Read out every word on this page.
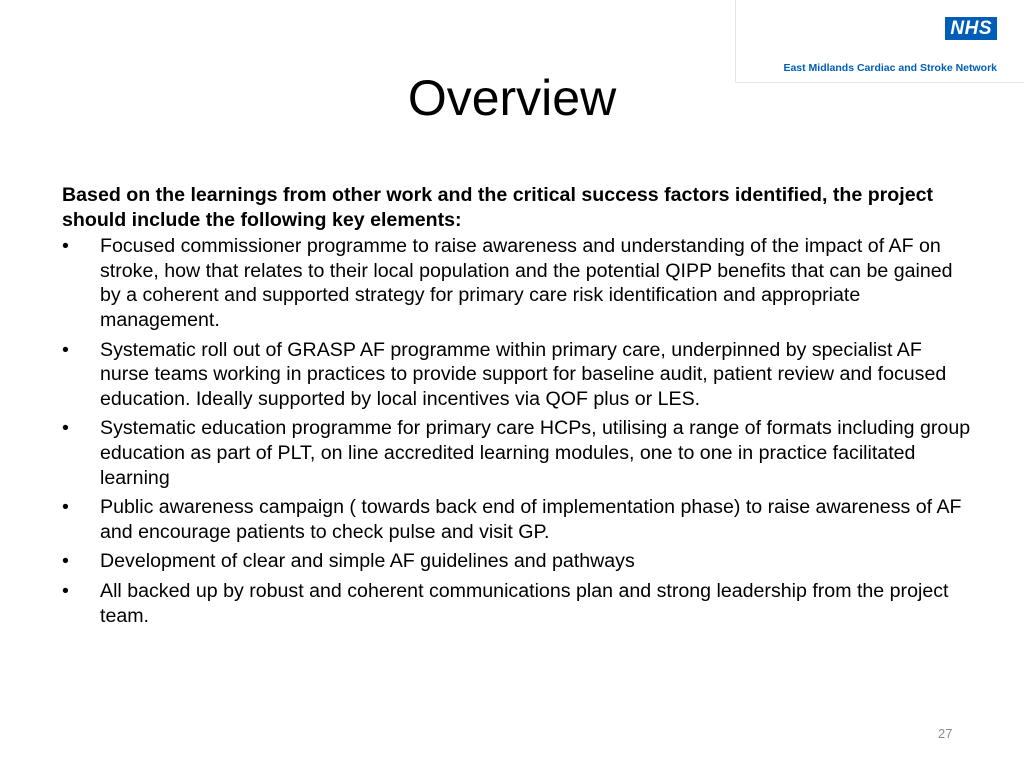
NHS
East Midlands Cardiac and Stroke Network
Overview

Based on the learnings from other work and the critical success factors identified, the project should include the following key elements:

• Focused commissioner programme to raise awareness and understanding of the impact of AF on stroke, how that relates to their local population and the potential QIPP benefits that can be gained by a coherent and supported strategy for primary care risk identification and appropriate management.
• Systematic roll out of GRASP AF programme within primary care, underpinned by specialist AF nurse teams working in practices to provide support for baseline audit, patient review and focused education. Ideally supported by local incentives via QOF plus or LES.
• Systematic education programme for primary care HCPs, utilising a range of formats including group education as part of PLT, on line accredited learning modules, one to one in practice facilitated learning
• Public awareness campaign ( towards back end of implementation phase) to raise awareness of AF and encourage patients to check pulse and visit GP.
• Development of clear and simple AF guidelines and pathways
• All backed up by robust and coherent communications plan and strong leadership from the project team.
27
